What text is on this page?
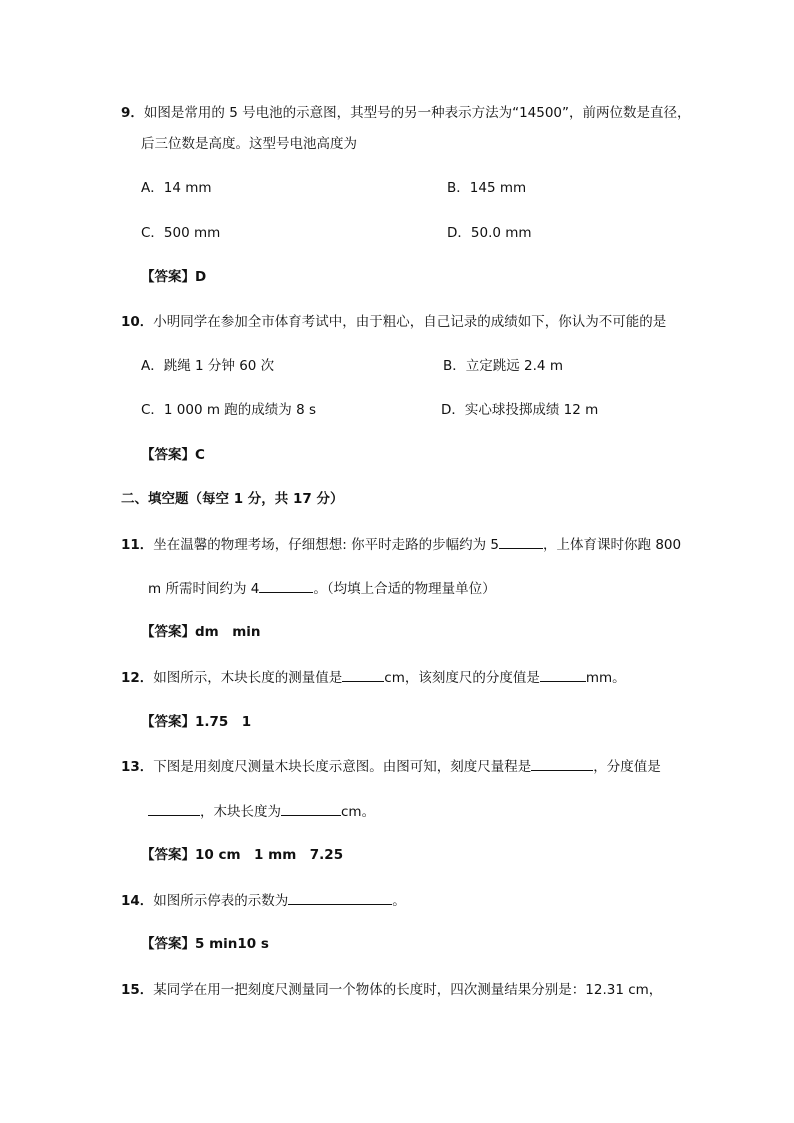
9．如图是常用的 5 号电池的示意图，其型号的另一种表示方法为“14500”，前两位数是直径，
后三位数是高度。这型号电池高度为
A．14 mm	B．145 mm
C．500 mm	D．50.0 mm
【答案】D
10．小明同学在参加全市体育考试中，由于粗心，自己记录的成绩如下，你认为不可能的是
A．跳绳 1 分钟 60 次	B．立定跳远 2.4 m
C．1 000 m 跑的成绩为 8 s	D．实心球投掷成绩 12 m
【答案】C
二、填空题（每空 1 分，共 17 分）
11．坐在温馨的物理考场，仔细想想: 你平时走路的步幅约为 5	，上体育课时你跑 800
m 所需时间约为 4	。（均填上合适的物理量单位）
【答案】dm　min
12．如图所示，木块长度的测量值是	cm，该刻度尺的分度值是	mm。
【答案】1.75　1
13．下图是用刻度尺测量木块长度示意图。由图可知，刻度尺量程是	，分度值是
，木块长度为	cm。
【答案】10 cm　1 mm　7.25
14．如图所示停表的示数为	。
【答案】5 min10 s
15．某同学在用一把刻度尺测量同一个物体的长度时，四次测量结果分别是：12.31 cm，
